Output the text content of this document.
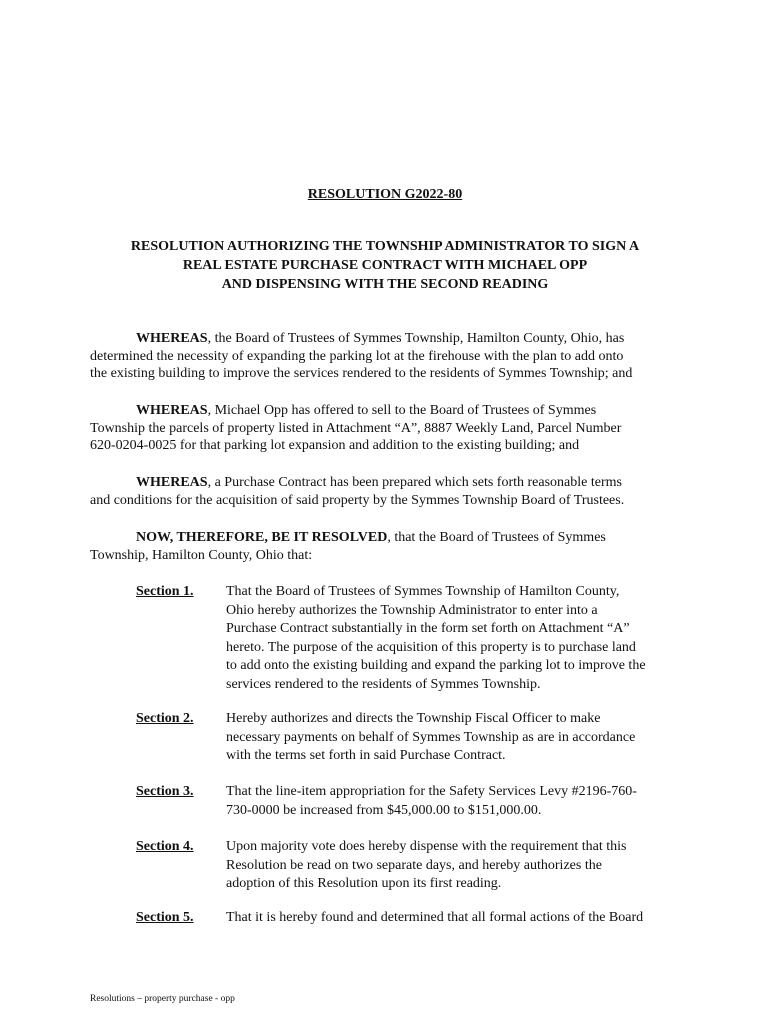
RESOLUTION G2022-80
RESOLUTION AUTHORIZING THE TOWNSHIP ADMINISTRATOR TO SIGN A
REAL ESTATE PURCHASE CONTRACT WITH MICHAEL OPP
AND DISPENSING WITH THE SECOND READING
WHEREAS, the Board of Trustees of Symmes Township, Hamilton County, Ohio, has
determined the necessity of expanding the parking lot at the firehouse with the plan to add onto
the existing building to improve the services rendered to the residents of Symmes Township; and
WHEREAS, Michael Opp has offered to sell to the Board of Trustees of Symmes
Township the parcels of property listed in Attachment “A”, 8887 Weekly Land, Parcel Number
620-0204-0025 for that parking lot expansion and addition to the existing building; and
WHEREAS, a Purchase Contract has been prepared which sets forth reasonable terms
and conditions for the acquisition of said property by the Symmes Township Board of Trustees.
NOW, THEREFORE, BE IT RESOLVED, that the Board of Trustees of Symmes
Township, Hamilton County, Ohio that:
Section 1. That the Board of Trustees of Symmes Township of Hamilton County,
Ohio hereby authorizes the Township Administrator to enter into a
Purchase Contract substantially in the form set forth on Attachment “A”
hereto. The purpose of the acquisition of this property is to purchase land
to add onto the existing building and expand the parking lot to improve the
services rendered to the residents of Symmes Township.
Section 2. Hereby authorizes and directs the Township Fiscal Officer to make
necessary payments on behalf of Symmes Township as are in accordance
with the terms set forth in said Purchase Contract.
Section 3. That the line-item appropriation for the Safety Services Levy #2196-760-
730-0000 be increased from $45,000.00 to $151,000.00.
Section 4. Upon majority vote does hereby dispense with the requirement that this
Resolution be read on two separate days, and hereby authorizes the
adoption of this Resolution upon its first reading.
Section 5. That it is hereby found and determined that all formal actions of the Board
Resolutions – property purchase - opp
